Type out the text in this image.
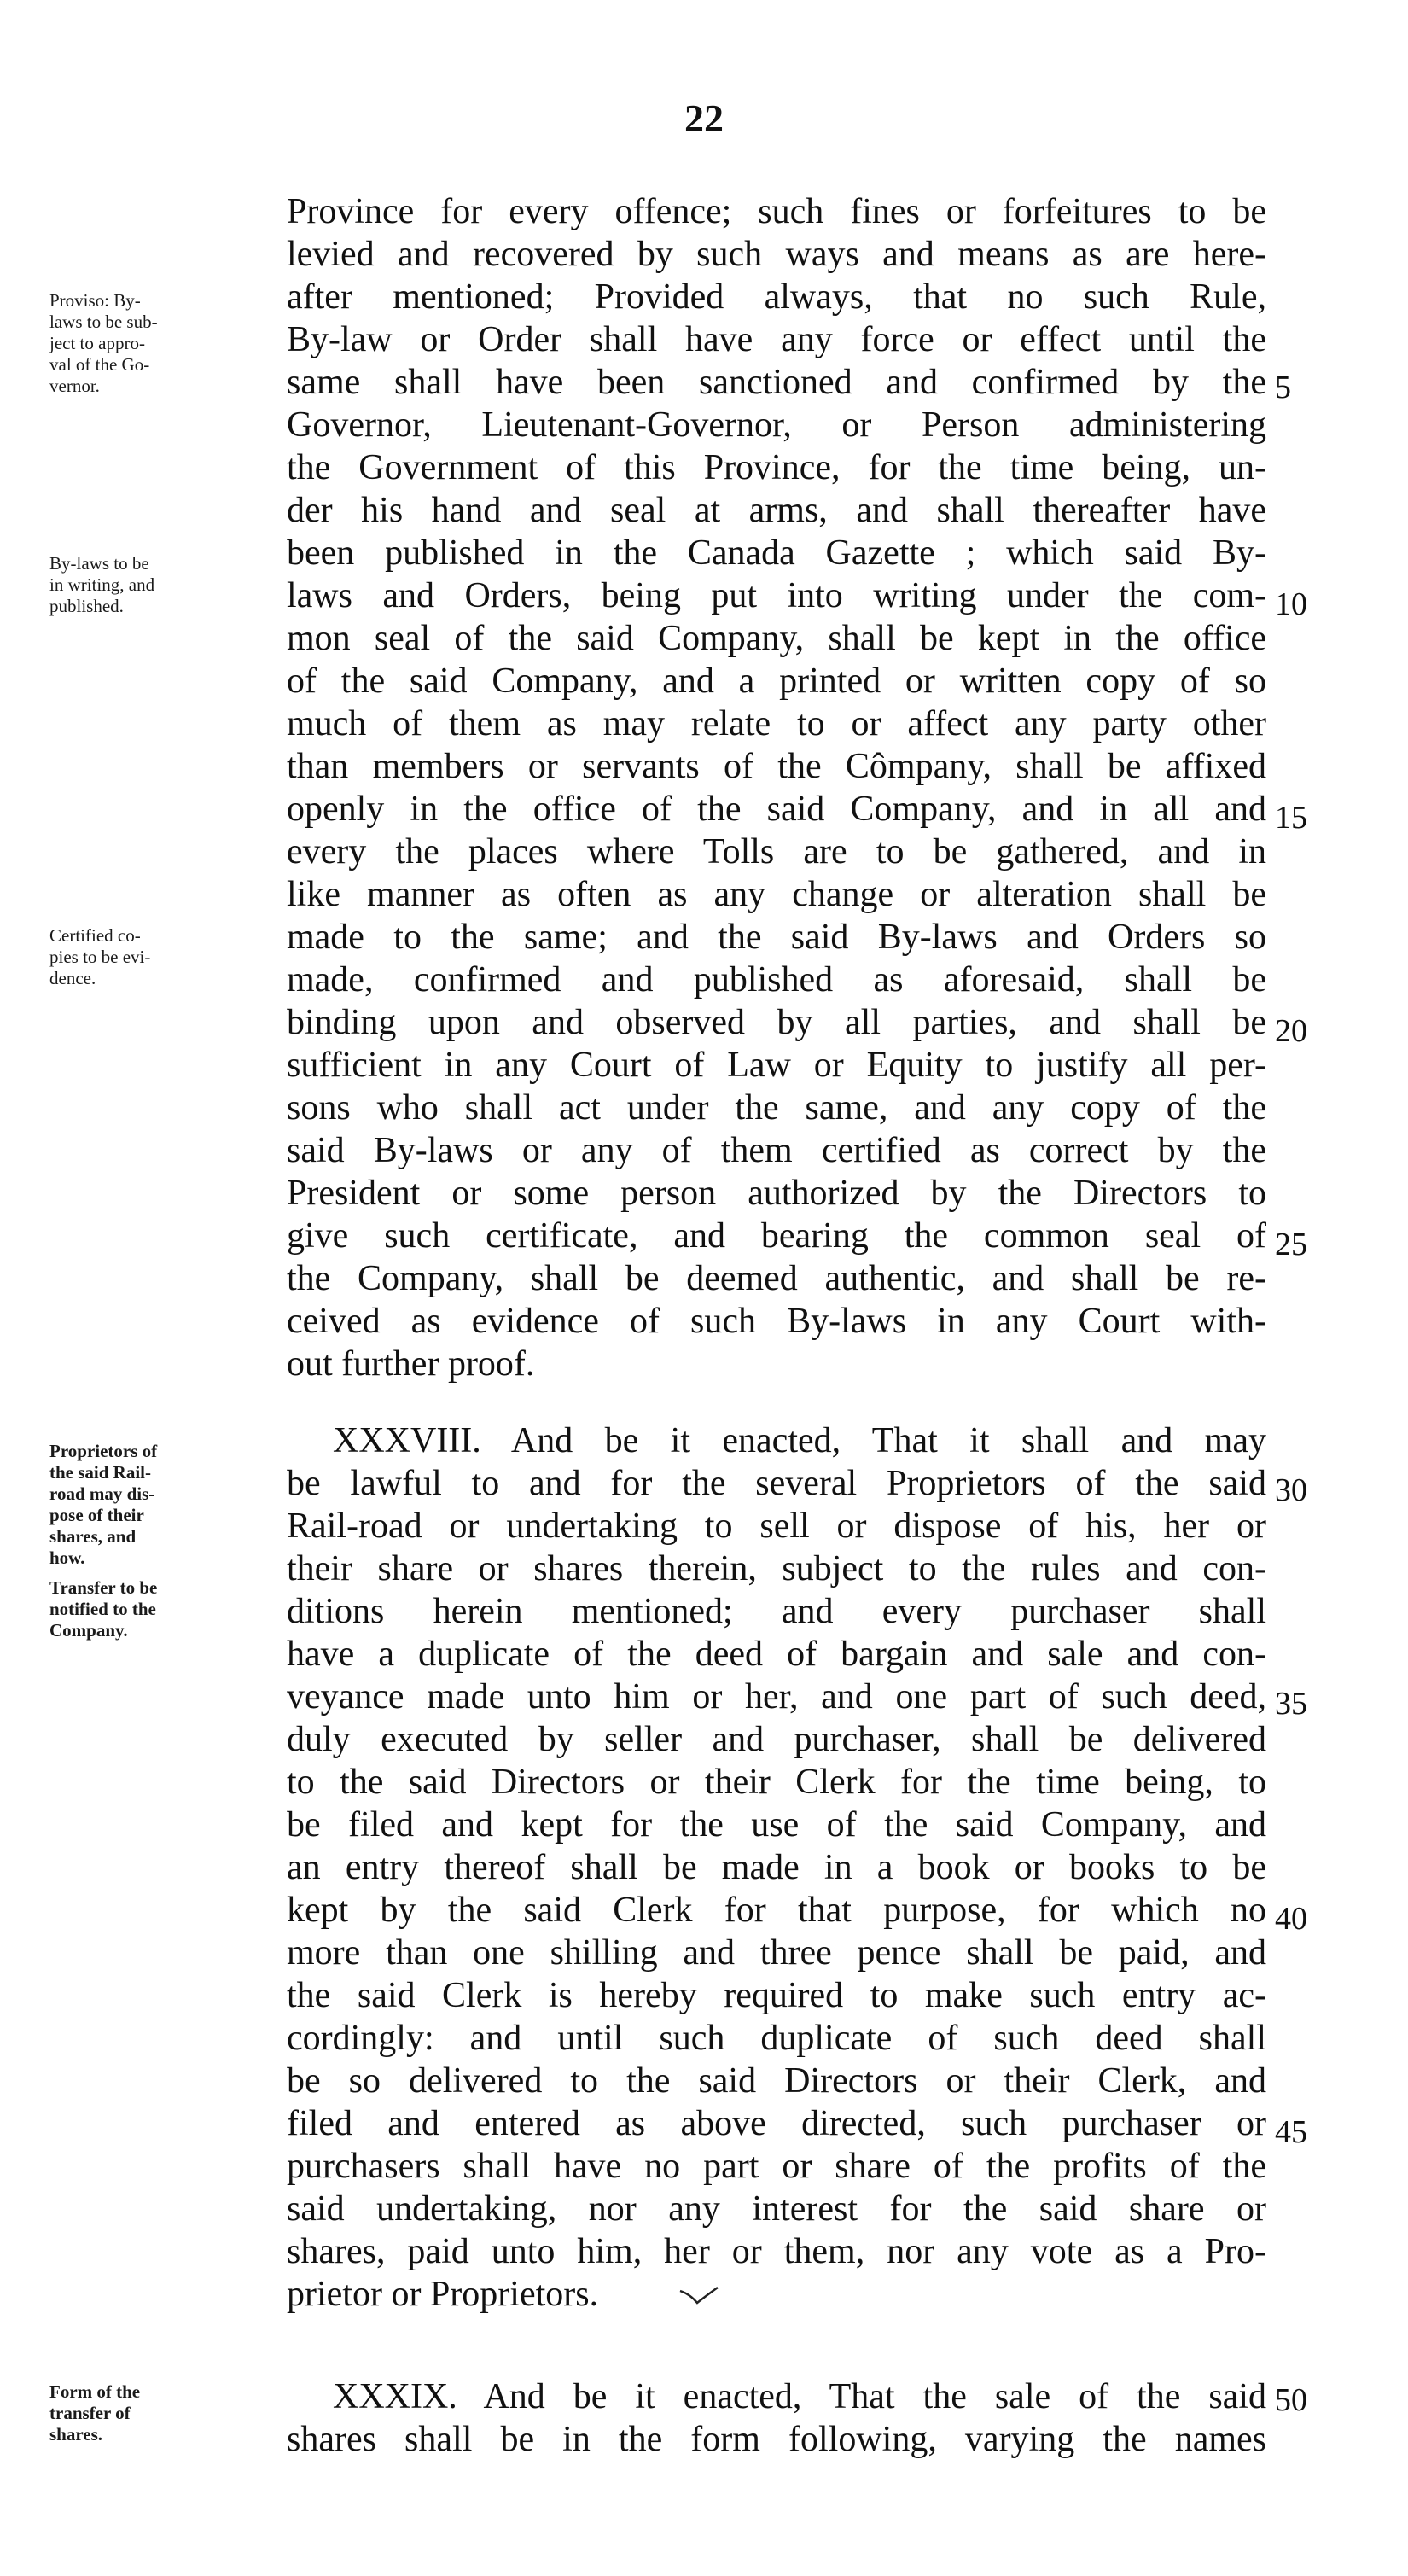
22
Province for every offence; such fines or forfeitures to be
levied and recovered by such ways and means as are here-
after mentioned; Provided always, that no such Rule,
By-law or Order shall have any force or effect until the
same shall have been sanctioned and confirmed by the
Governor, Lieutenant-Governor, or Person administering
the Government of this Province, for the time being, un-
der his hand and seal at arms, and shall thereafter have
been published in the Canada Gazette ; which said By-
laws and Orders, being put into writing under the com-
mon seal of the said Company, shall be kept in the office
of the said Company, and a printed or written copy of so
much of them as may relate to or affect any party other
than members or servants of the Cômpany, shall be affixed
openly in the office of the said Company, and in all and
every the places where Tolls are to be gathered, and in
like manner as often as any change or alteration shall be
made to the same; and the said By-laws and Orders so
made, confirmed and published as aforesaid, shall be
binding upon and observed by all parties, and shall be
sufficient in any Court of Law or Equity to justify all per-
sons who shall act under the same, and any copy of the
said By-laws or any of them certified as correct by the
President or some person authorized by the Directors to
give such certificate, and bearing the common seal of
the Company, shall be deemed authentic, and shall be re-
ceived as evidence of such By-laws in any Court with-
out further proof.
XXXVIII. And be it enacted, That it shall and may
be lawful to and for the several Proprietors of the said
Rail-road or undertaking to sell or dispose of his, her or
their share or shares therein, subject to the rules and con-
ditions herein mentioned; and every purchaser shall
have a duplicate of the deed of bargain and sale and con-
veyance made unto him or her, and one part of such deed,
duly executed by seller and purchaser, shall be delivered
to the said Directors or their Clerk for the time being, to
be filed and kept for the use of the said Company, and
an entry thereof shall be made in a book or books to be
kept by the said Clerk for that purpose, for which no
more than one shilling and three pence shall be paid, and
the said Clerk is hereby required to make such entry ac-
cordingly: and until such duplicate of such deed shall
be so delivered to the said Directors or their Clerk, and
filed and entered as above directed, such purchaser or
purchasers shall have no part or share of the profits of the
said undertaking, nor any interest for the said share or
shares, paid unto him, her or them, nor any vote as a Pro-
prietor or Proprietors.
XXXIX. And be it enacted, That the sale of the said
shares shall be in the form following, varying the names
5
10
15
20
25
30
35
40
45
50
Proviso: By-
laws to be sub-
ject to appro-
val of the Go-
vernor.
By-laws to be
in writing, and
published.
Certified co-
pies to be evi-
dence.
Proprietors of
the said Rail-
road may dis-
pose of their
shares, and
how.
Transfer to be
notified to the
Company.
Form of the
transfer of
shares.
